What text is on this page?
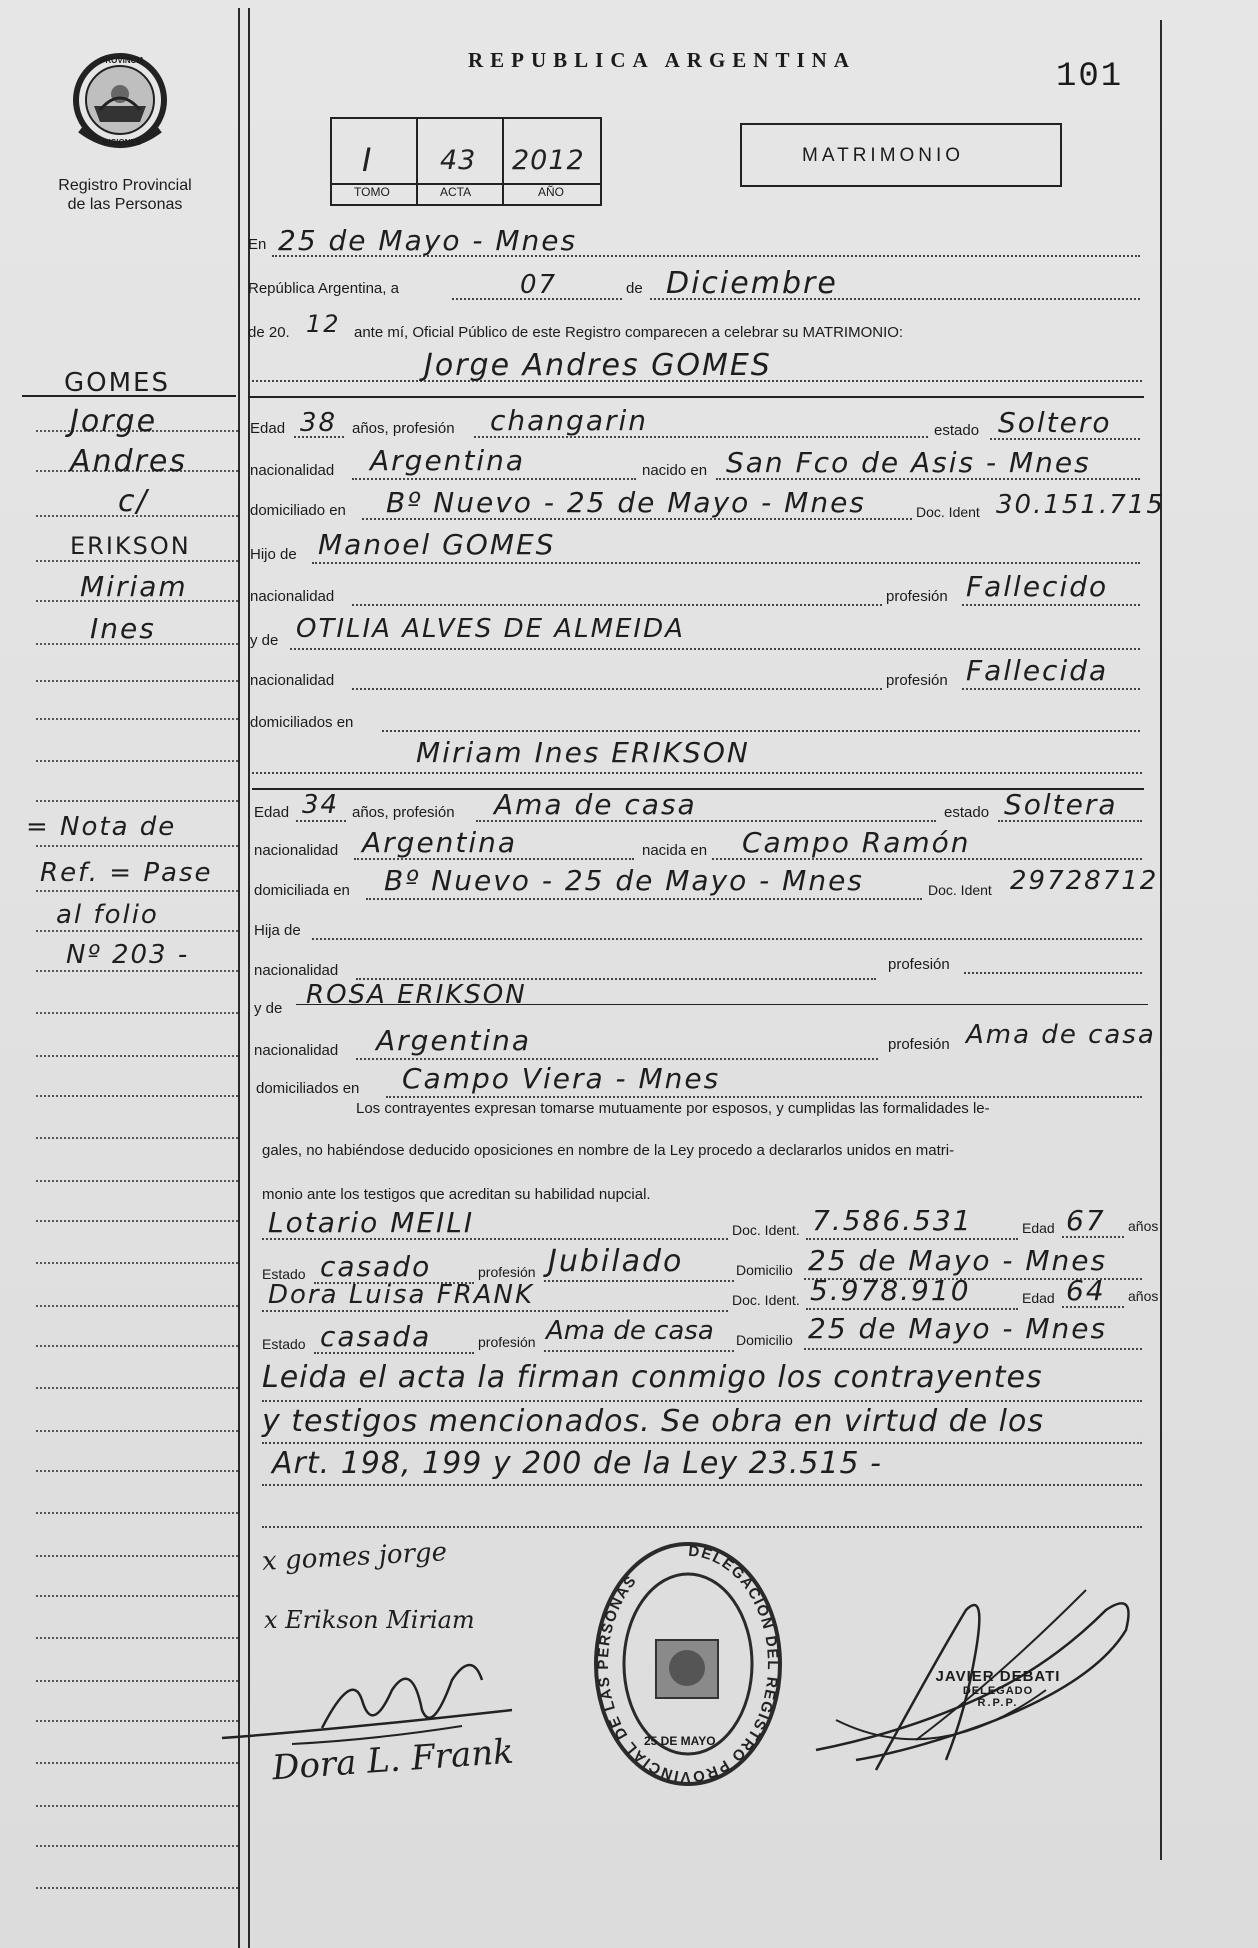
PROVINCIA
MISIONES
Registro Provincial
de las Personas
REPUBLICA ARGENTINA	101
I 43 2012
TOMO	ACTA	AÑO
MATRIMONIO
GOMES
Jorge
Andres
c/
ERIKSON
Miriam
Ines
= Nota de
Ref. = Pase
al folio
Nº 203 -
En 25 de Mayo - Mnes
República Argentina, a	07	de Diciembre
de 20. 12 ante mí, Oficial Público de este Registro comparecen a celebrar su MATRIMONIO:
Jorge Andres GOMES
Edad 38 años, profesión changarin	estado Soltero
nacionalidad Argentina	nacido en San Fco de Asis - Mnes
domiciliado en Bº Nuevo - 25 de Mayo - Mnes	Doc. Ident 30.151.715
Hijo de Manoel GOMES
nacionalidad	profesión Fallecido
y de OTILIA ALVES DE ALMEIDA
nacionalidad	profesión Fallecida
domiciliados en
Miriam Ines ERIKSON
Edad 34 años, profesión Ama de casa	estado Soltera
nacionalidad Argentina	nacida en Campo Ramón
domiciliada en Bº Nuevo - 25 de Mayo - Mnes	Doc. Ident 29728712
Hija de
nacionalidad	profesión
y de ROSA ERIKSON
nacionalidad Argentina	profesión Ama de casa
domiciliados en Campo Viera - Mnes
Los contrayentes expresan tomarse mutuamente por esposos, y cumplidas las formalidades le-
gales, no habiéndose deducido oposiciones en nombre de la Ley procedo a declararlos unidos en matri-
monio ante los testigos que acreditan su habilidad nupcial.
Lotario MEILI	Doc. Ident. 7.586.531	Edad 67 años
Estado casado	profesión Jubilado	Domicilio 25 de Mayo - Mnes
Dora Luisa FRANK	Doc. Ident. 5.978.910	Edad 64 años
Estado casada	profesión Ama de casa Domicilio 25 de Mayo - Mnes
Leida el acta la firman conmigo los contrayentes
y testigos mencionados. Se obra en virtud de los
Art. 198, 199 y 200 de la Ley 23.515 -
x gomes jorge
x Erikson Miriam
Dora L. Frank
DELEGACION DEL REGISTRO PROVINCIAL DE LAS PERSONAS
25 DE MAYO
JAVIER DEBATI
DELEGADO
R.P.P.
